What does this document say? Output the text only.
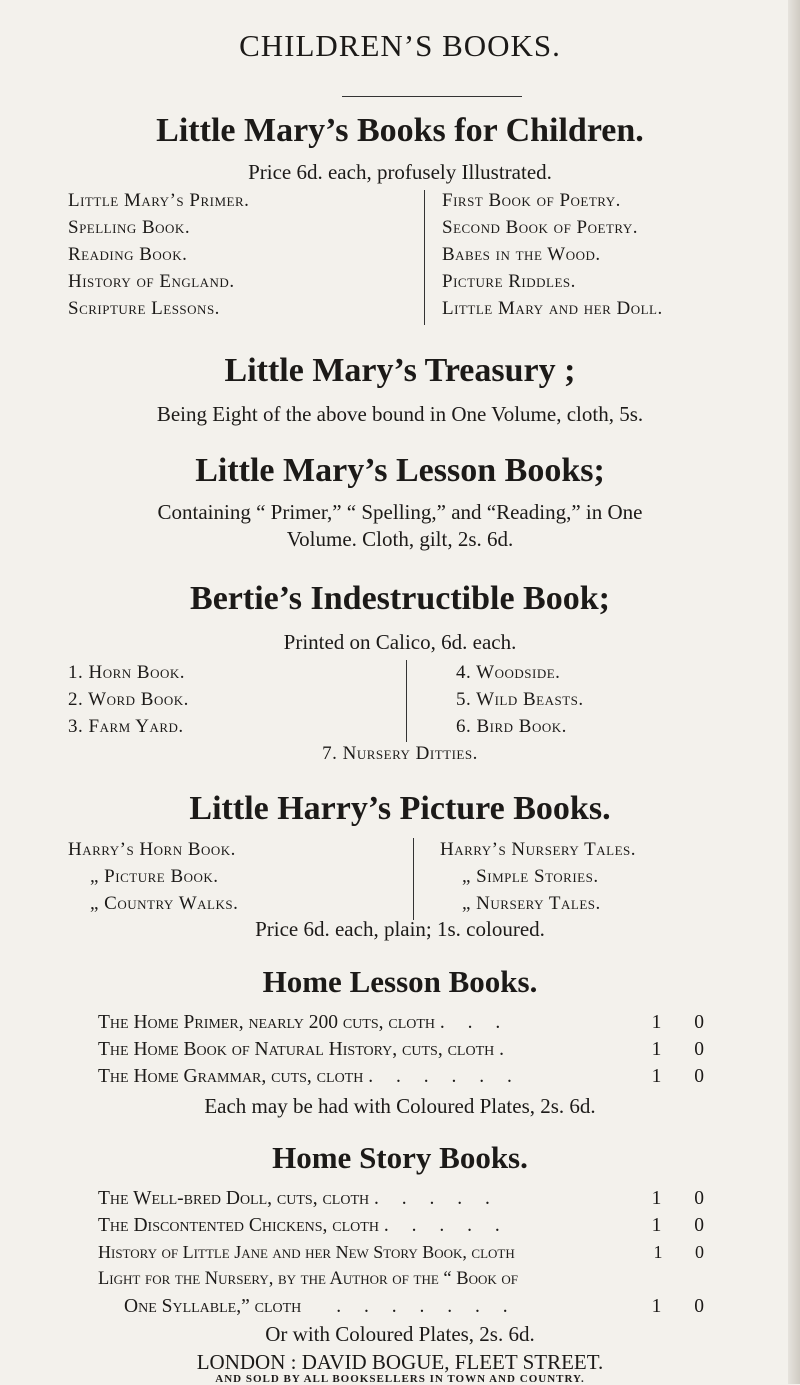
CHILDREN’S BOOKS.
Little Mary’s Books for Children.
Price 6d. each, profusely Illustrated.
Little Mary’s Primer.
Spelling Book.
Reading Book.
History of England.
Scripture Lessons.
First Book of Poetry.
Second Book of Poetry.
Babes in the Wood.
Picture Riddles.
Little Mary and her Doll.
Little Mary’s Treasury ;
Being Eight of the above bound in One Volume, cloth, 5s.
Little Mary’s Lesson Books;
Containing “ Primer,” “ Spelling,” and “Reading,” in One
Volume. Cloth, gilt, 2s. 6d.
Bertie’s Indestructible Book;
Printed on Calico, 6d. each.
1. Horn Book.
2. Word Book.
3. Farm Yard.
4. Woodside.
5. Wild Beasts.
6. Bird Book.
7. Nursery Ditties.
Little Harry’s Picture Books.
Harry’s Horn Book.
„ Picture Book.
„ Country Walks.
Harry’s Nursery Tales.
„ Simple Stories.
„ Nursery Tales.
Price 6d. each, plain; 1s. coloured.
Home Lesson Books.
The Home Primer, nearly 200 cuts, cloth . . .	1 0
The Home Book of Natural History, cuts, cloth .	1 0
The Home Grammar, cuts, cloth . . . . . .	1 0
Each may be had with Coloured Plates, 2s. 6d.
Home Story Books.
The Well-bred Doll, cuts, cloth . . . . .	1 0
The Discontented Chickens, cloth . . . . .	1 0
History of Little Jane and her New Story Book, cloth	1 0
Light for the Nursery, by the Author of the “ Book of
One Syllable,” cloth . . . . . . .	1 0
Or with Coloured Plates, 2s. 6d.
LONDON : DAVID BOGUE, FLEET STREET.
AND SOLD BY ALL BOOKSELLERS IN TOWN AND COUNTRY.
